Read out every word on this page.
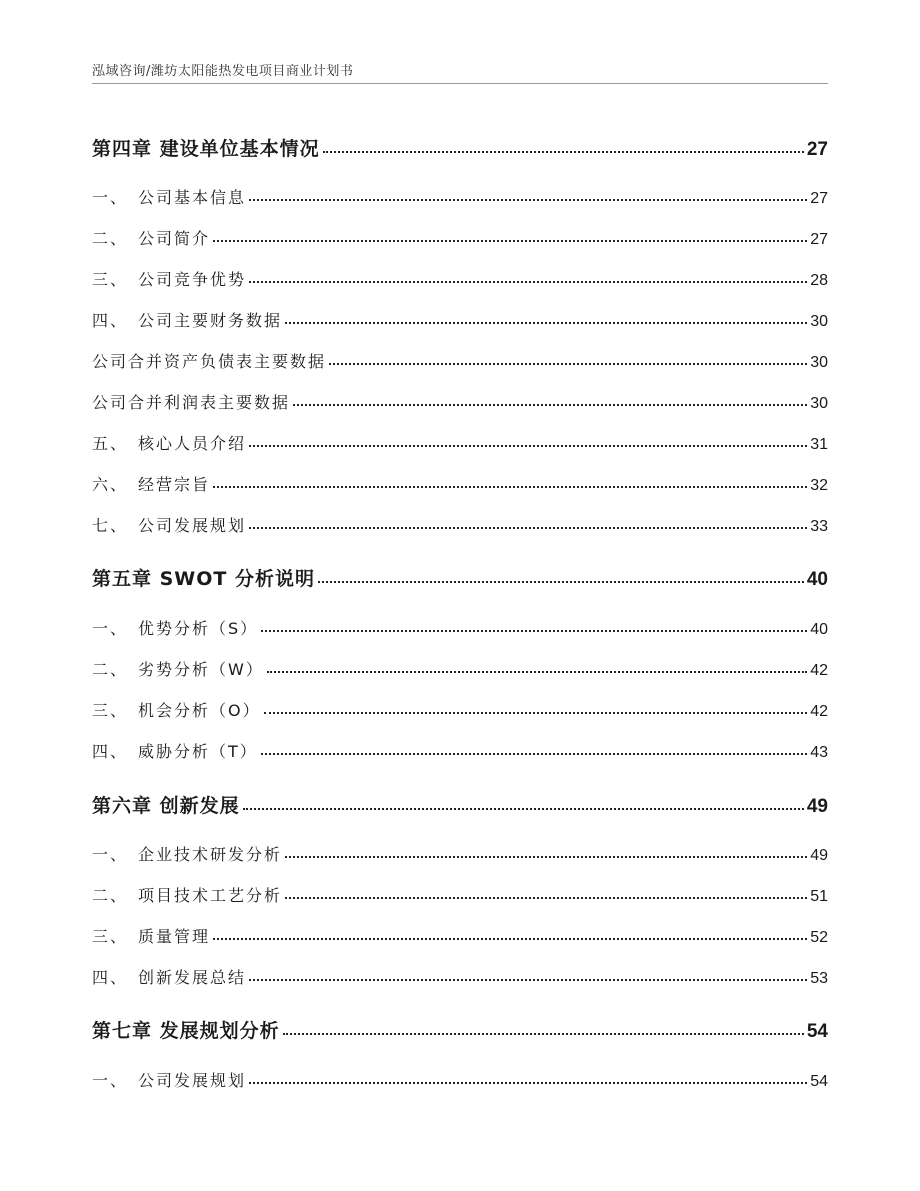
泓域咨询/潍坊太阳能热发电项目商业计划书
第四章 建设单位基本情况	27
一、 公司基本信息	27
二、 公司简介	27
三、 公司竞争优势	28
四、 公司主要财务数据	30
公司合并资产负债表主要数据	30
公司合并利润表主要数据	30
五、 核心人员介绍	31
六、 经营宗旨	32
七、 公司发展规划	33
第五章 SWOT 分析说明	40
一、 优势分析（S）	40
二、 劣势分析（W）	42
三、 机会分析（O）	42
四、 威胁分析（T）	43
第六章 创新发展	49
一、 企业技术研发分析	49
二、 项目技术工艺分析	51
三、 质量管理	52
四、 创新发展总结	53
第七章 发展规划分析	54
一、 公司发展规划	54
